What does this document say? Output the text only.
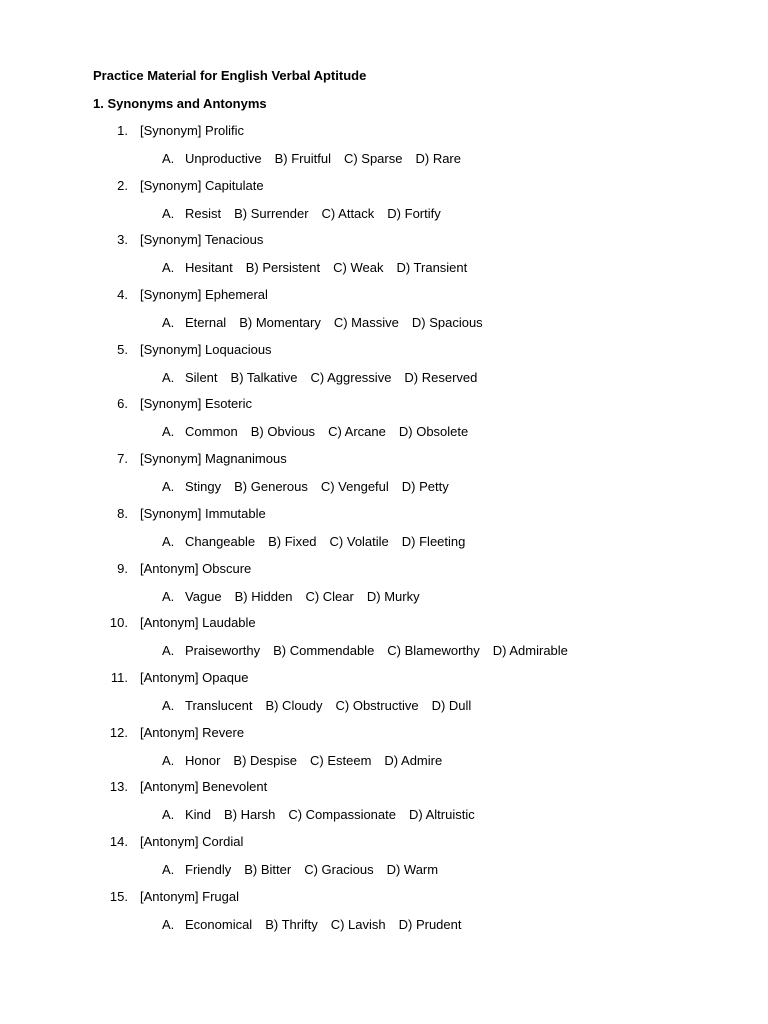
Practice Material for English Verbal Aptitude
1. Synonyms and Antonyms
1. [Synonym] Prolific
A. Unproductive B) Fruitful C) Sparse D) Rare
2. [Synonym] Capitulate
A. Resist B) Surrender C) Attack D) Fortify
3. [Synonym] Tenacious
A. Hesitant B) Persistent C) Weak D) Transient
4. [Synonym] Ephemeral
A. Eternal B) Momentary C) Massive D) Spacious
5. [Synonym] Loquacious
A. Silent B) Talkative C) Aggressive D) Reserved
6. [Synonym] Esoteric
A. Common B) Obvious C) Arcane D) Obsolete
7. [Synonym] Magnanimous
A. Stingy B) Generous C) Vengeful D) Petty
8. [Synonym] Immutable
A. Changeable B) Fixed C) Volatile D) Fleeting
9. [Antonym] Obscure
A. Vague B) Hidden C) Clear D) Murky
10. [Antonym] Laudable
A. Praiseworthy B) Commendable C) Blameworthy D) Admirable
11. [Antonym] Opaque
A. Translucent B) Cloudy C) Obstructive D) Dull
12. [Antonym] Revere
A. Honor B) Despise C) Esteem D) Admire
13. [Antonym] Benevolent
A. Kind B) Harsh C) Compassionate D) Altruistic
14. [Antonym] Cordial
A. Friendly B) Bitter C) Gracious D) Warm
15. [Antonym] Frugal
A. Economical B) Thrifty C) Lavish D) Prudent
